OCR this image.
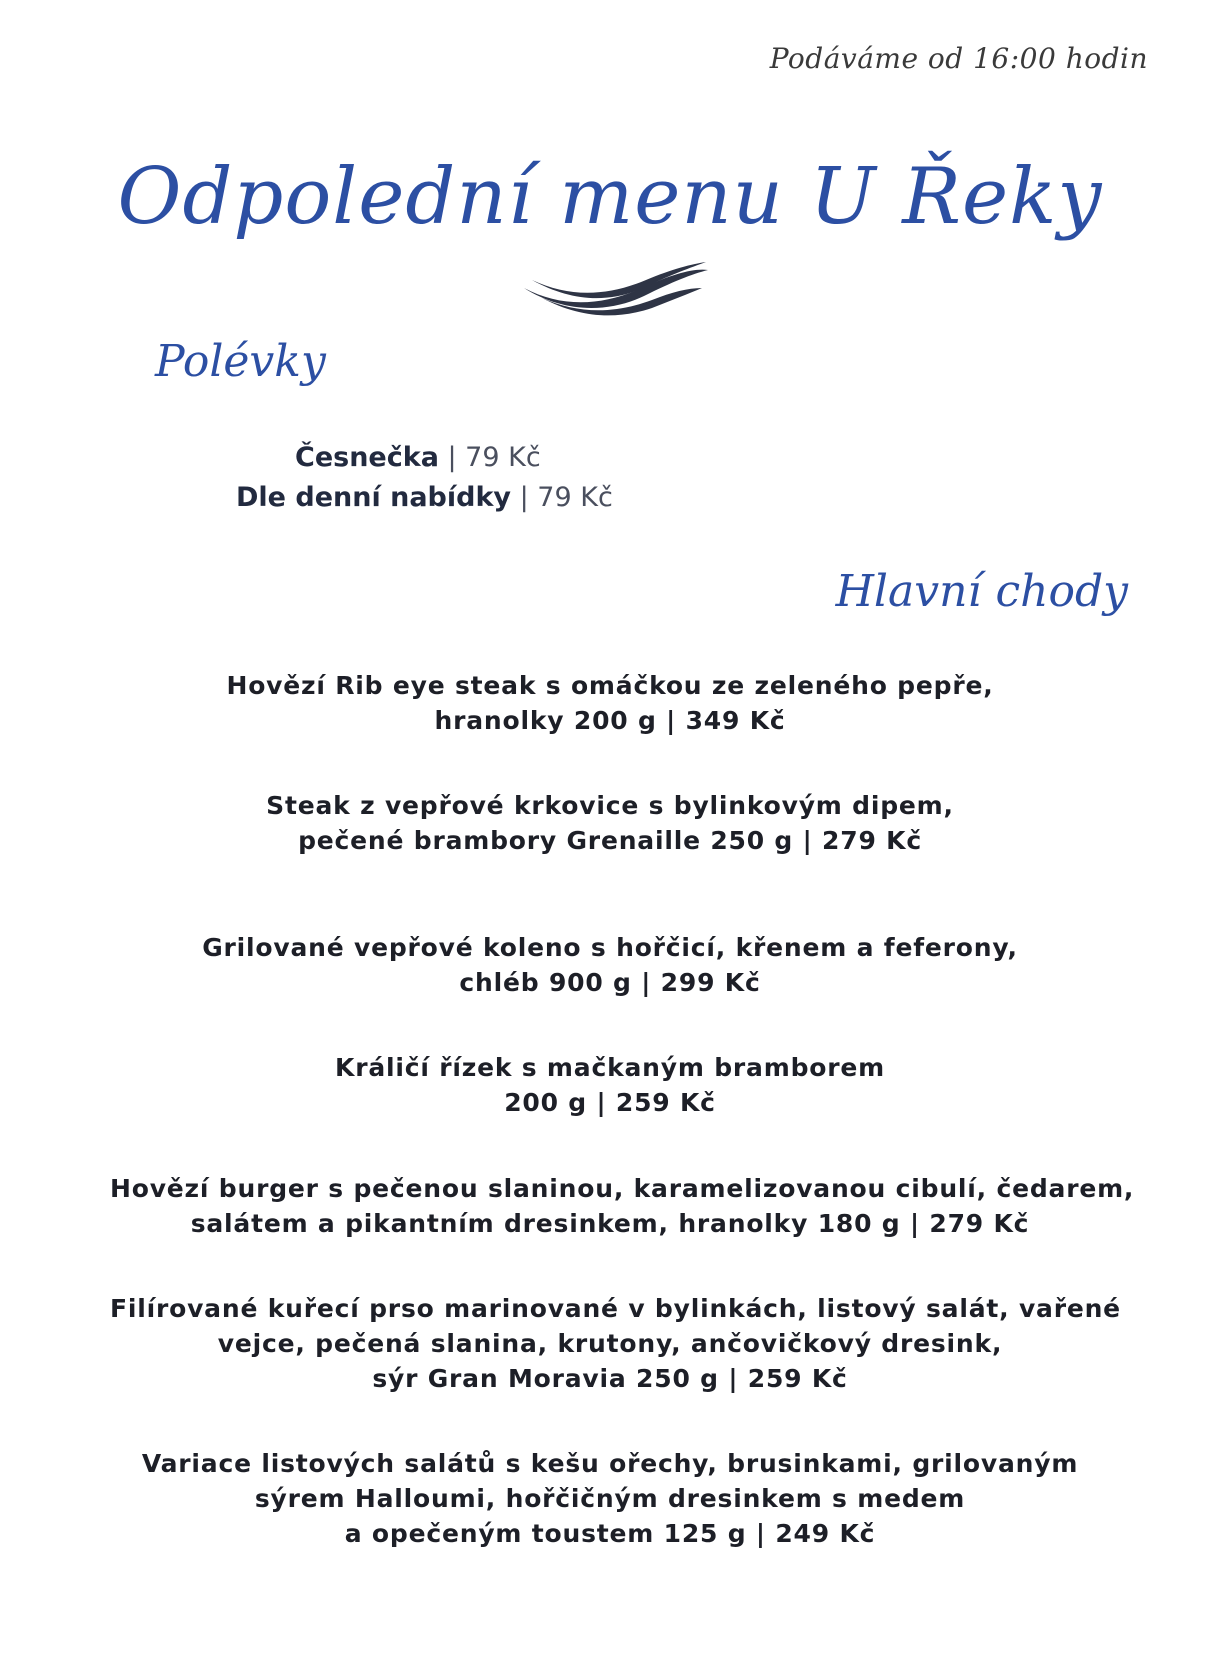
Podáváme od 16:00 hodin
Odpolední menu U Řeky
Polévky
Česnečka | 79 Kč
Dle denní nabídky | 79 Kč
Hlavní chody
Hovězí Rib eye steak s omáčkou ze zeleného pepře,
hranolky 200 g | 349 Kč
Steak z vepřové krkovice s bylinkovým dipem,
pečené brambory Grenaille 250 g | 279 Kč
Grilované vepřové koleno s hořčicí, křenem a feferony,
chléb 900 g | 299 Kč
Králičí řízek s mačkaným bramborem
200 g | 259 Kč
Hovězí burger s pečenou slaninou, karamelizovanou cibulí, čedarem,
salátem a pikantním dresinkem, hranolky 180 g | 279 Kč
Filírované kuřecí prso marinované v bylinkách, listový salát, vařené
vejce, pečená slanina, krutony, ančovičkový dresink,
sýr Gran Moravia 250 g | 259 Kč
Variace listových salátů s kešu ořechy, brusinkami, grilovaným
sýrem Halloumi, hořčičným dresinkem s medem
a opečeným toustem 125 g | 249 Kč
